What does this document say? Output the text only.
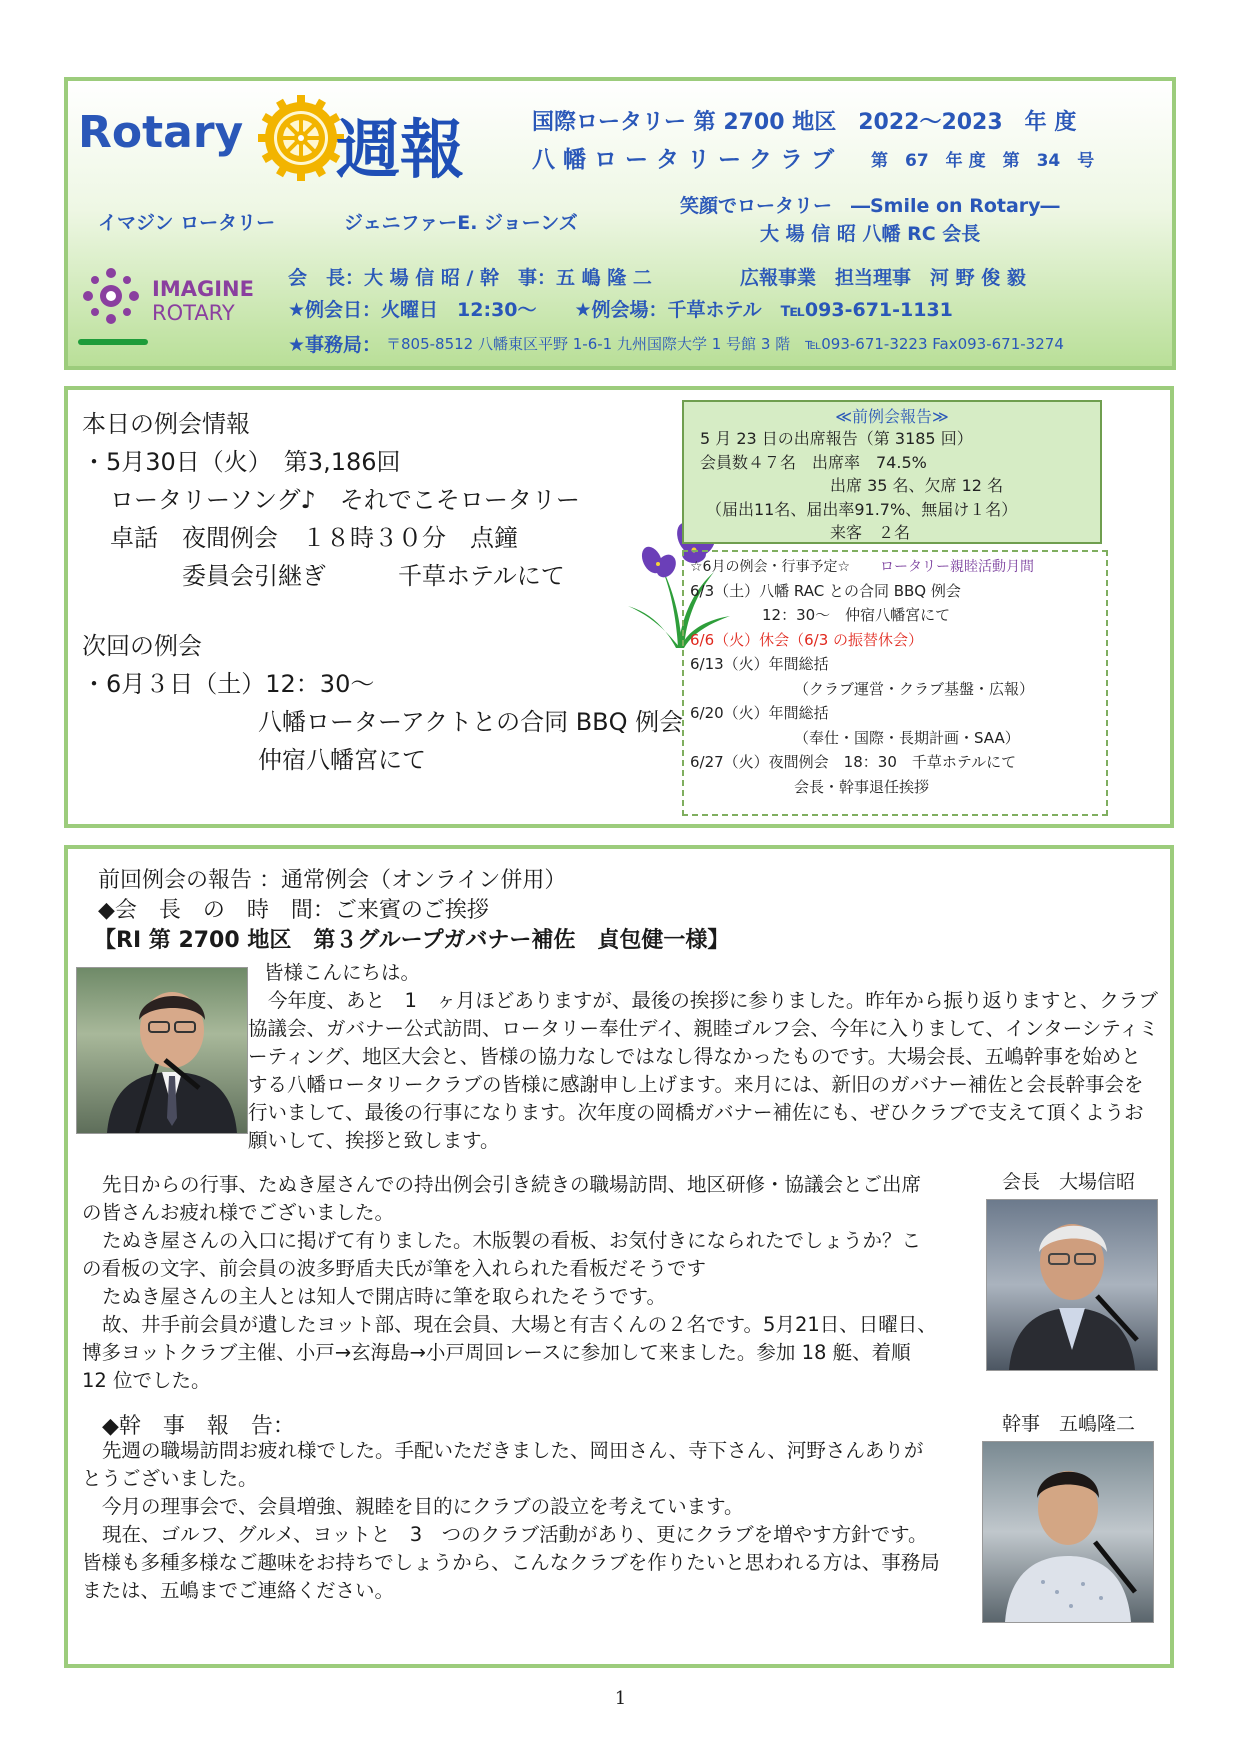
Rotary 週報	国際ロータリー 第 2700 地区　2022～2023　年 度
八 幡 ロ ー タ リ ー ク ラ ブ 第　67　年 度　第　34　号
イマジン ロータリー	ジェニファーE. ジョーンズ
笑顔でロータリー　―Smile on Rotary―
大 場 信 昭 八幡 RC 会長
IMAGINE
ROTARY
会　長：大 場 信 昭 / 幹　事：五 嶋 隆 二	広報事業　担当理事　河 野 俊 毅
★例会日：火曜日　12:30～　　★例会場：千草ホテル　℡093-671-1131
★事務局： 〒805-8512 八幡東区平野 1-6-1 九州国際大学 1 号館 3 階　℡093-671-3223 Fax093-671-3274
本日の例会情報
・5月30日（火）　第3,186回
ロータリーソング♪　それでこそロータリー
卓話　夜間例会　１８時３０分　点鐘
委員会引継ぎ　　　千草ホテルにて
次回の例会
・6月３日（土）12：30～
八幡ローターアクトとの合同 BBQ 例会
仲宿八幡宮にて
≪前例会報告≫
5 月 23 日の出席報告（第 3185 回）
会員数４７名　出席率　74.5%
出席 35 名、欠席 12 名
（届出11名、届出率91.7%、無届け１名）
来客　２名
☆6月の例会・行事予定☆ ロータリー親睦活動月間
6/3（土）八幡 RAC との合同 BBQ 例会
12：30～　仲宿八幡宮にて
6/6（火）休会（6/3 の振替休会）
6/13（火）年間総括
（クラブ運営・クラブ基盤・広報）
6/20（火）年間総括
（奉仕・国際・長期計画・SAA）
6/27（火）夜間例会　18：30　千草ホテルにて
会長・幹事退任挨拶
前回例会の報告 ：通常例会（オンライン併用）
◆会　長　の　時　間：ご来賓のご挨拶
【RI 第 2700 地区　第３グループガバナー補佐　貞包健一様】
皆様こんにちは。
今年度、あと　1　ヶ月ほどありますが、最後の挨拶に参りました。昨年から振り返りますと、クラブ協議会、ガバナー公式訪問、ロータリー奉仕デイ、親睦ゴルフ会、今年に入りまして、インターシティミーティング、地区大会と、皆様の協力なしではなし得なかったものです。大場会長、五嶋幹事を始めとする八幡ロータリークラブの皆様に感謝申し上げます。来月には、新旧のガバナー補佐と会長幹事会を行いまして、最後の行事になります。次年度の岡橋ガバナー補佐にも、ぜひクラブで支えて頂くようお願いして、挨拶と致します。
会長　大場信昭
先日からの行事、たぬき屋さんでの持出例会引き続きの職場訪問、地区研修・協議会とご出席の皆さんお疲れ様でございました。
たぬき屋さんの入口に掲げて有りました。木版製の看板、お気付きになられたでしょうか？この看板の文字、前会員の波多野盾夫氏が筆を入れられた看板だそうです
たぬき屋さんの主人とは知人で開店時に筆を取られたそうです。
故、井手前会員が遺したヨット部、現在会員、大場と有吉くんの２名です。5月21日、日曜日、博多ヨットクラブ主催、小戸→玄海島→小戸周回レースに参加して来ました。参加 18 艇、着順 12 位でした。
◆幹　事　報　告：	幹事　五嶋隆二
先週の職場訪問お疲れ様でした。手配いただきました、岡田さん、寺下さん、河野さんありがとうございました。
今月の理事会で、会員増強、親睦を目的にクラブの設立を考えています。
現在、ゴルフ、グルメ、ヨットと　3　つのクラブ活動があり、更にクラブを増やす方針です。皆様も多種多様なご趣味をお持ちでしょうから、こんなクラブを作りたいと思われる方は、事務局または、五嶋までご連絡ください。
1
